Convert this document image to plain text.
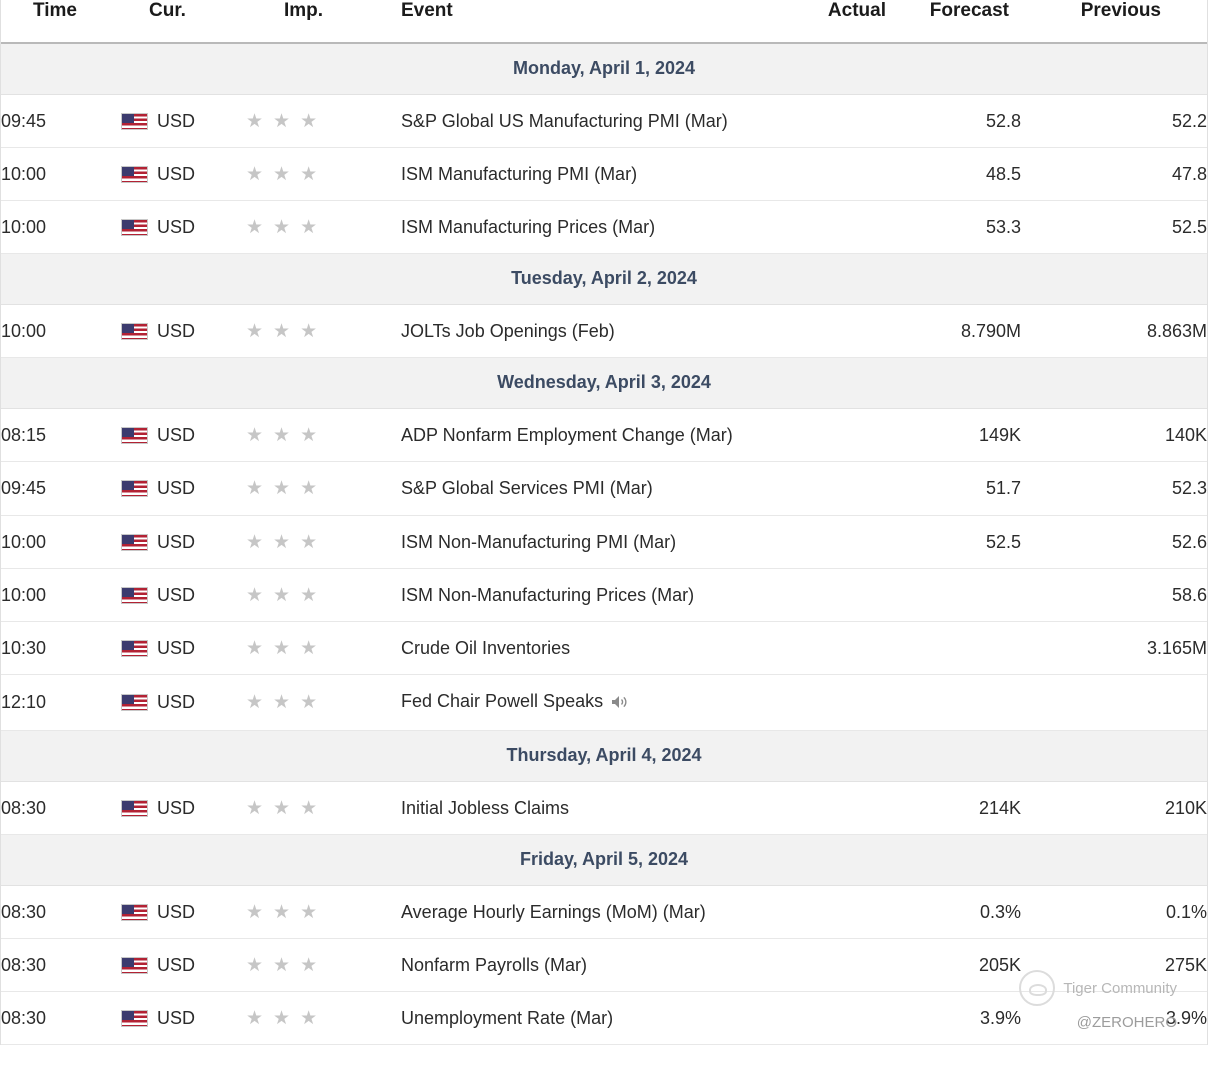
Time	Cur.	Imp.	Event	Actual	Forecast	Previous
Monday, April 1, 2024						
09:45	USD	★★★	S&P Global US Manufacturing PMI (Mar)		52.8	52.2
10:00	USD	★★★	ISM Manufacturing PMI (Mar)		48.5	47.8
10:00	USD	★★★	ISM Manufacturing Prices (Mar)		53.3	52.5
Tuesday, April 2, 2024						
10:00	USD	★★★	JOLTs Job Openings (Feb)		8.790M	8.863M
Wednesday, April 3, 2024						
08:15	USD	★★★	ADP Nonfarm Employment Change (Mar)		149K	140K
09:45	USD	★★★	S&P Global Services PMI (Mar)		51.7	52.3
10:00	USD	★★★	ISM Non-Manufacturing PMI (Mar)		52.5	52.6
10:00	USD	★★★	ISM Non-Manufacturing Prices (Mar)			58.6
10:30	USD	★★★	Crude Oil Inventories			3.165M
12:10	USD	★★★	Fed Chair Powell Speaks			
Thursday, April 4, 2024						
08:30	USD	★★★	Initial Jobless Claims		214K	210K
Friday, April 5, 2024						
08:30	USD	★★★	Average Hourly Earnings (MoM) (Mar)		0.3%	0.1%
08:30	USD	★★★	Nonfarm Payrolls (Mar)		205K	275K
08:30	USD	★★★	Unemployment Rate (Mar)		3.9%	3.9%
Tiger Community
@ZEROHERO
